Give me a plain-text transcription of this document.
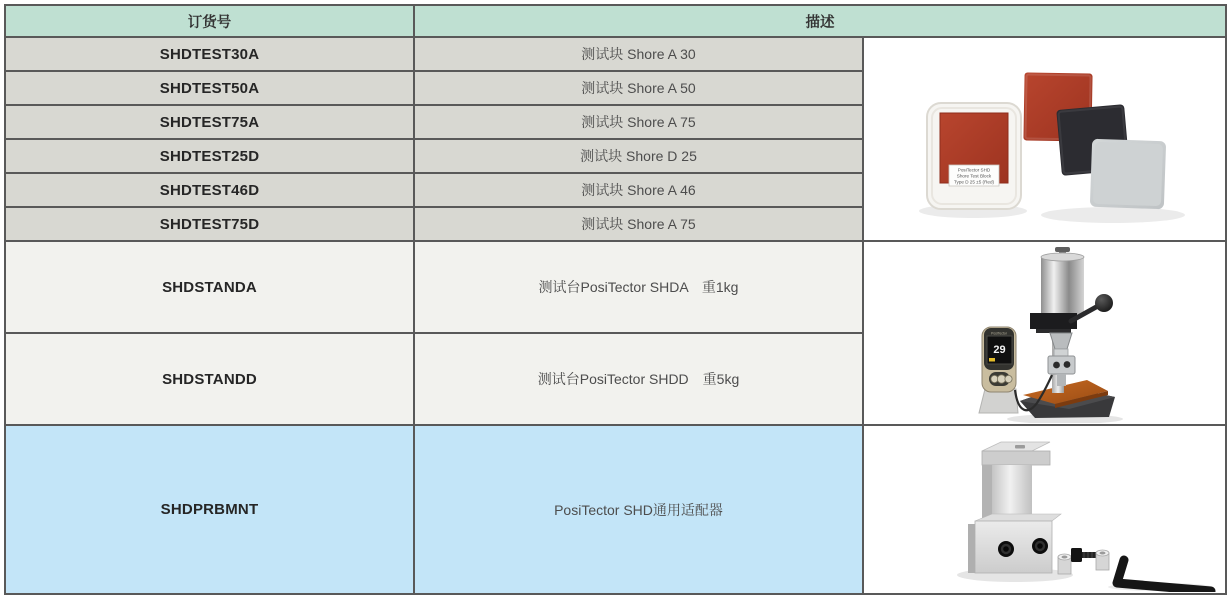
订货号	描述	
SHDTEST30A	测试块 Shore A 30	PosiTector SHD
Shore Test Block
Type D 25 ±5 (Red)

SHDTEST50A	测试块 Shore A 50	
SHDTEST75A	测试块 Shore A 75	
SHDTEST25D	测试块 Shore D 25	
SHDTEST46D	测试块 Shore A 46	
SHDTEST75D	测试块 Shore A 75	
SHDSTANDA	测试台PosiTector SHDA　重1kg	PosiTector
29

SHDSTANDD	测试台PosiTector SHDD　重5kg	
SHDPRBMNT	PosiTector SHD通用适配器	
